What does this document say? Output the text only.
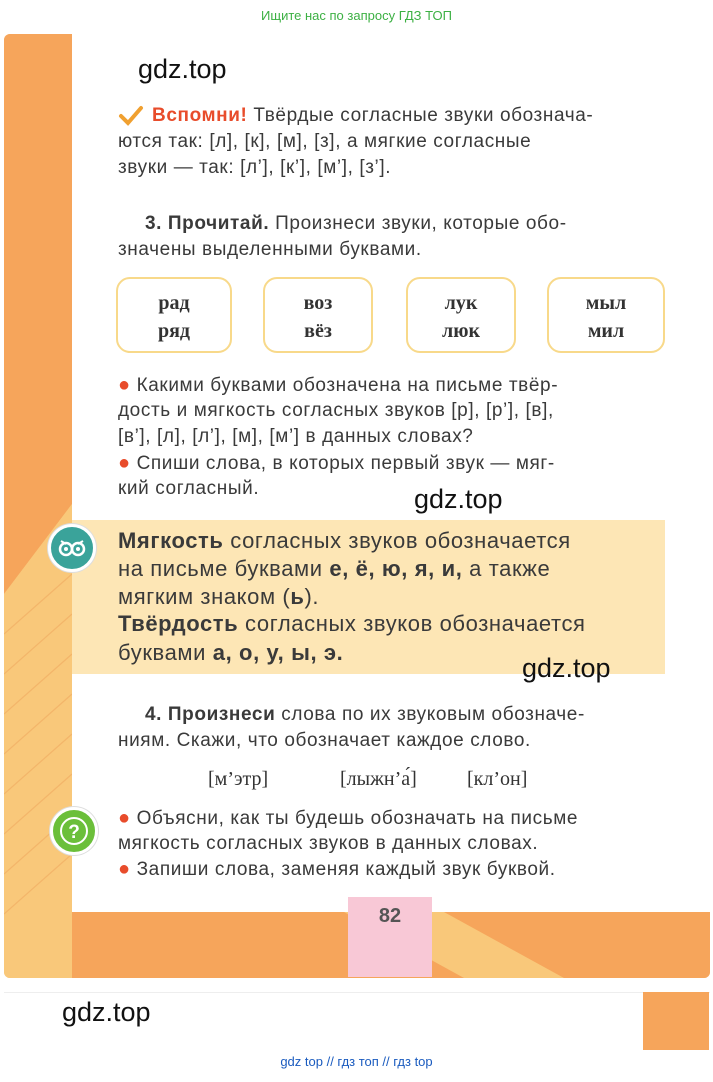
Ищите нас по запросу ГДЗ ТОП
gdz.top
Вспомни! Твёрдые согласные звуки обознача-
ются так: [л], [к], [м], [з], а мягкие согласные
звуки — так: [л’], [к’], [м’], [з’].
3. Прочитай. Произнеси звуки, которые обо-
значены выделенными буквами.
рад
ряд
воз
вёз
лук
люк
мыл
мил
● Какими буквами обозначена на письме твёр-
дость и мягкость согласных звуков [р], [р’], [в],
[в’], [л], [л’], [м], [м’] в данных словах?
● Спиши слова, в которых первый звук — мяг-
кий согласный.	gdz.top
Мягкость согласных звуков обозначается
на письме буквами е, ё, ю, я, и, а также
мягким знаком (ь).
Твёрдость согласных звуков обозначается
буквами а, о, у, ы, э.
gdz.top
4. Произнеси слова по их звуковым обозначе-
ниям. Скажи, что обозначает каждое слово.
[м’этр]	[лыжн’а́]	[кл’он]
?
● Объясни, как ты будешь обозначать на письме
мягкость согласных звуков в данных словах.
● Запиши слова, заменяя каждый звук буквой.
82
gdz.top
gdz top // гдз топ // гдз top
